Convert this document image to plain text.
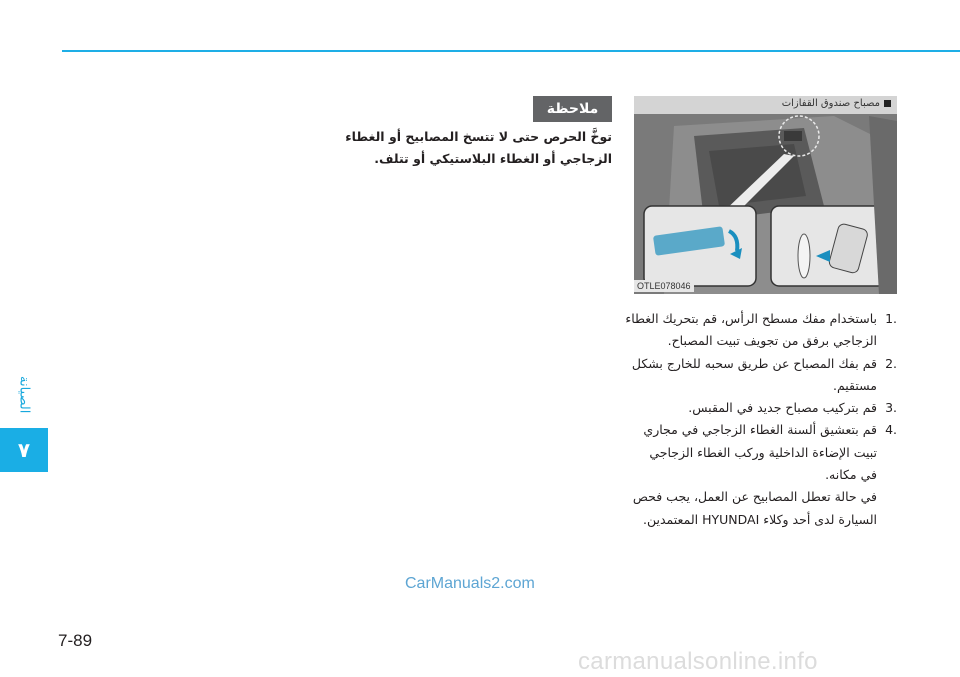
الصيانة
٧
مصباح صندوق القفازات
OTLE078046
ملاحظة
توخَّ الحرص حتى لا تتسخ المصابيح أو الغطاء
الزجاجي أو الغطاء البلاستيكي أو تتلف.
.1
باستخدام مفك مسطح الرأس، قم بتحريك الغطاء
الزجاجي برفق من تجويف تبيت المصباح.
.2
قم بفك المصباح عن طريق سحبه للخارج بشكل
مستقيم.
.3
قم بتركيب مصباح جديد في المقبس.
.4
قم بتعشيق ألسنة الغطاء الزجاجي في مجاري
تبيت الإضاءة الداخلية وركب الغطاء الزجاجي
في مكانه.
في حالة تعطل المصابيح عن العمل، يجب فحص
السيارة لدى أحد وكلاء HYUNDAI المعتمدين.
CarManuals2.com
7-89
carmanualsonline.info
